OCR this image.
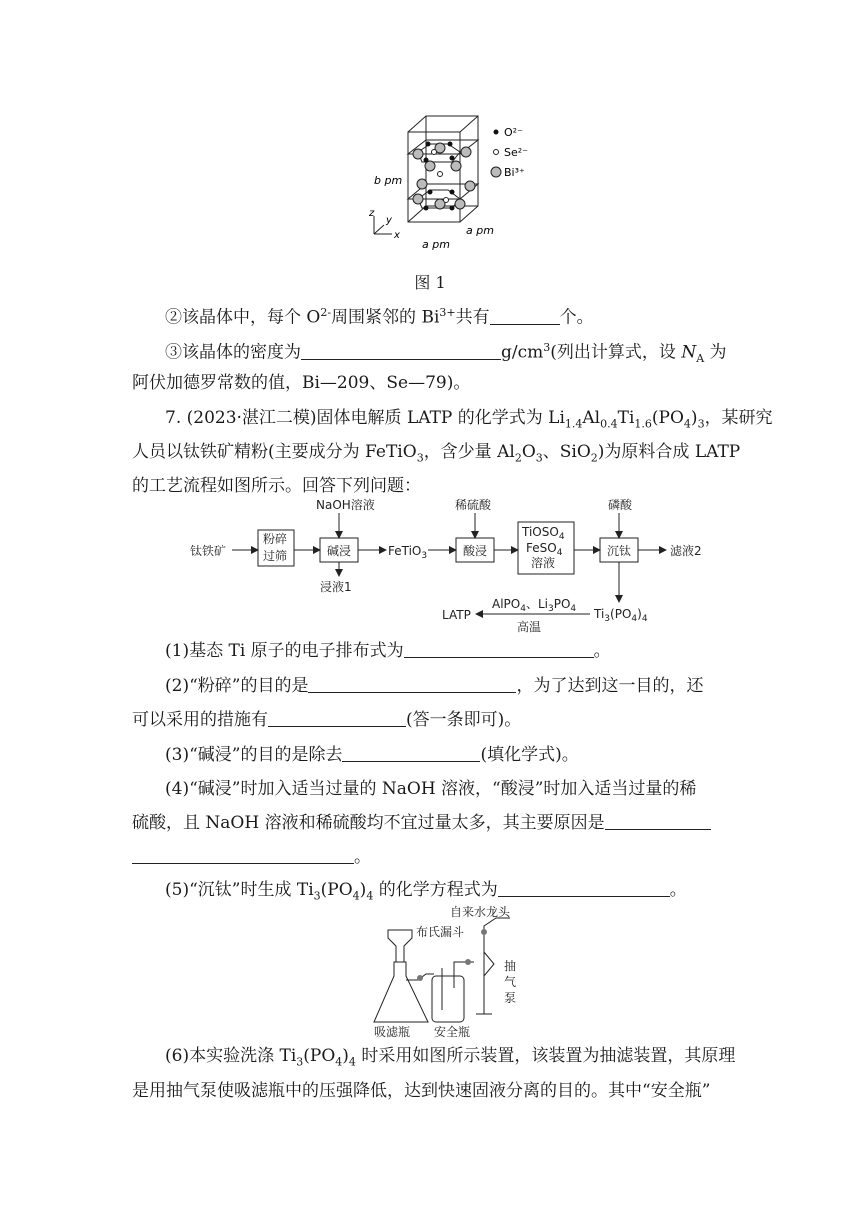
O²⁻
Se²⁻
Bi³⁺
b pm
a pm
a pm
z
y
x
图 1
②该晶体中，每个 $O^{2-}$周围紧邻的 $Bi^{3+}$共有	个。
③该晶体的密度为	$g/cm^3$(列出计算式，设 $N_A$ 为
阿伏加德罗常数的值，Bi—209、Se—79)。
7. (2023·湛江二模)固体电解质 LATP 的化学式为 $Li_{1.4}Al_{0.4}Ti_{1.6}(PO_4)_3$，某研究
人员以钛铁矿精粉(主要成分为 FeTiO$_3$，含少量 $Al_2O_3$、SiO$_2$)为原料合成 LATP
的工艺流程如图所示。回答下列问题：
NaOH溶液
钛铁矿
粉碎
过筛	碱浸	FeTiO$_3$
浸液1
稀硫酸
酸浸
TiOSO$_4$
FeSO$_4$
溶液
磷酸
沉钛	滤液2
$Ti_3(PO_4)_4$
AlPO$_4$、$Li_3PO_4$
高温
LATP
(1)基态 Ti 原子的电子排布式为	。
(2)“粉碎”的目的是	，为了达到这一目的，还
可以采用的措施有	(答一条即可)。
(3)“碱浸”的目的是除去	(填化学式)。
(4)“碱浸”时加入适当过量的 NaOH 溶液，“酸浸”时加入适当过量的稀
硫酸，且 NaOH 溶液和稀硫酸均不宜过量太多，其主要原因是
。
(5)“沉钛”时生成 $Ti_3(PO_4)_4$ 的化学方程式为	。
自来水龙头
布氏漏斗
抽
气
泵
吸滤瓶 安全瓶
(6)本实验洗涤 $Ti_3(PO_4)_4$ 时采用如图所示装置，该装置为抽滤装置，其原理
是用抽气泵使吸滤瓶中的压强降低，达到快速固液分离的目的。其中“安全瓶”
